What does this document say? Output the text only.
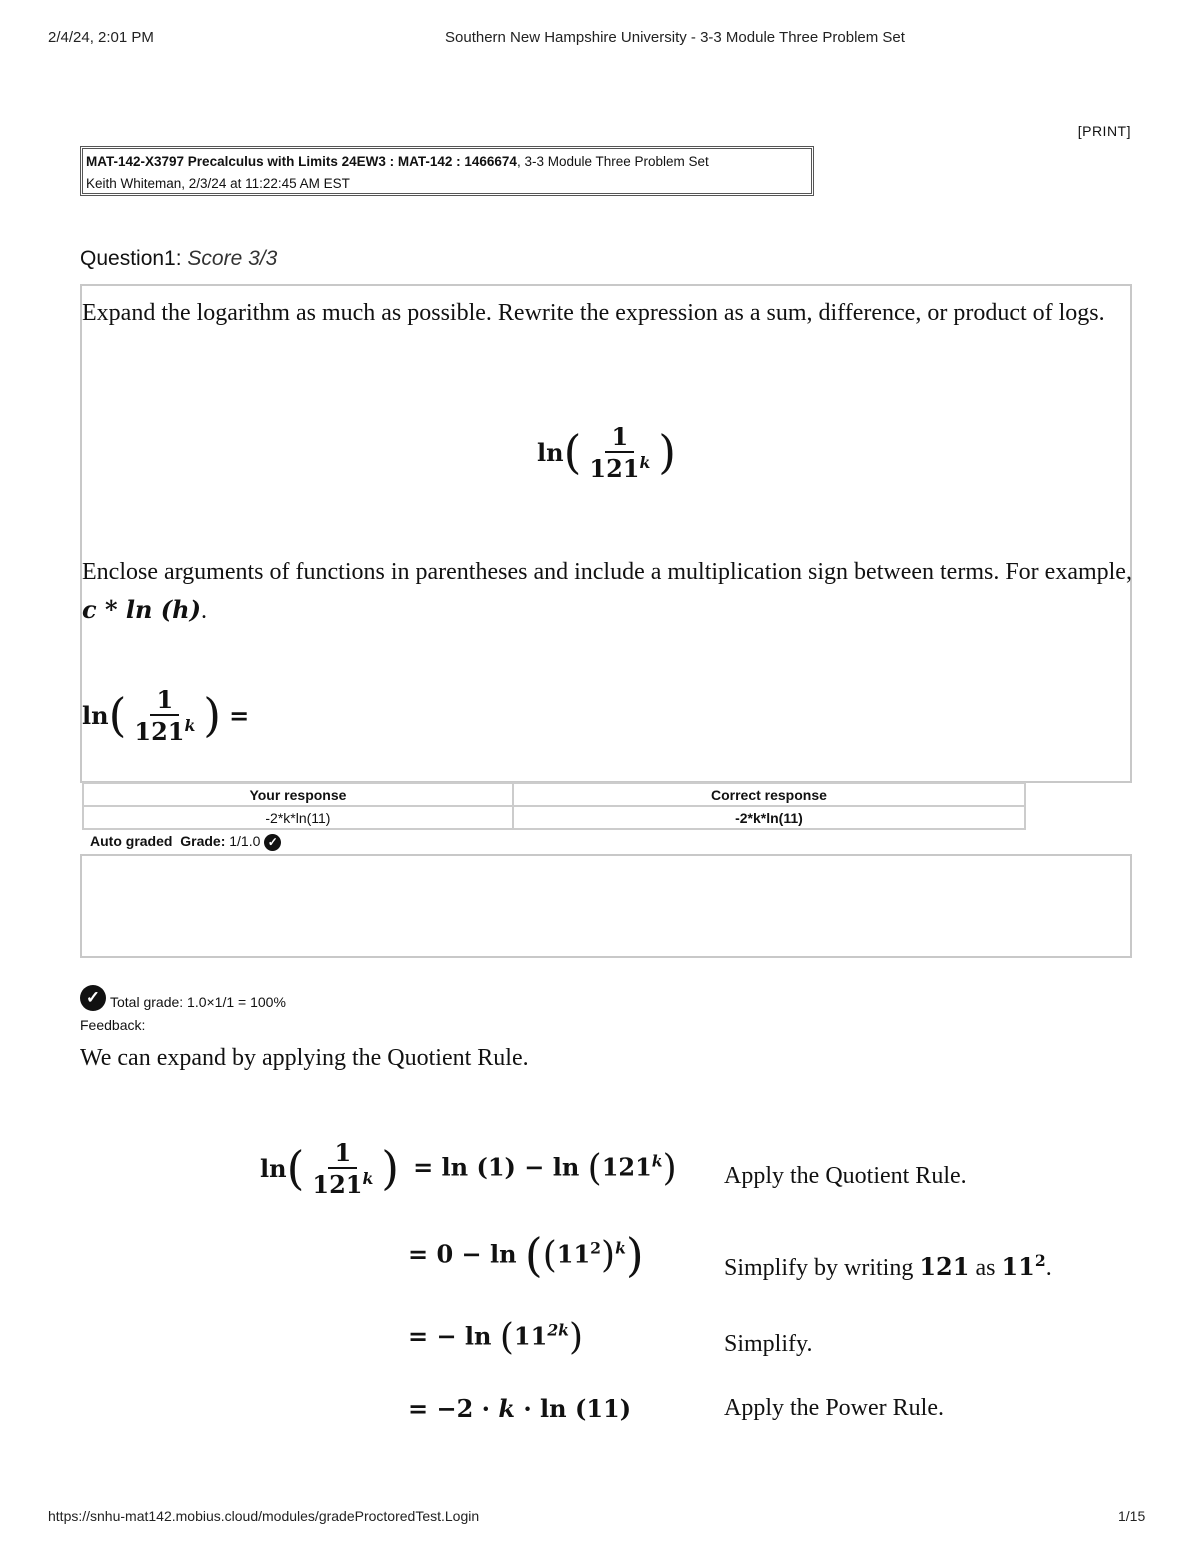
2/4/24, 2:01 PM	Southern New Hampshire University - 3-3 Module Three Problem Set
[PRINT]
MAT-142-X3797 Precalculus with Limits 24EW3 : MAT-142 : 1466674, 3-3 Module Three Problem Set
Keith Whiteman, 2/3/24 at 11:22:45 AM EST
Question1: Score 3/3
Expand the logarithm as much as possible. Rewrite the expression as a sum, difference, or product of logs.
ln ( $\frac{1}{121^k}$ )
Enclose arguments of functions in parentheses and include a multiplication sign between terms. For example, c * ln (h).
ln ( $\frac{1}{121^k}$ ) =
Your response	Correct response
-2*k*ln(11)	-2*k*ln(11)
Auto graded Grade: 1/1.0 ✓
✓ Total grade: 1.0×1/1 = 100%
Feedback:
We can expand by applying the Quotient Rule.
ln ( $\frac{1}{121^k}$ ) = ln (1) − ln (121$^k$) Apply the Quotient Rule.
= $0 - \ln ((11^2)^k)$	Simplify by writing 121 as $11^2$.
= − $\ln (11^{2k})$	Simplify.
= −2 · k · ln (11)	Apply the Power Rule.
https://snhu-mat142.mobius.cloud/modules/gradeProctoredTest.Login	1/15
